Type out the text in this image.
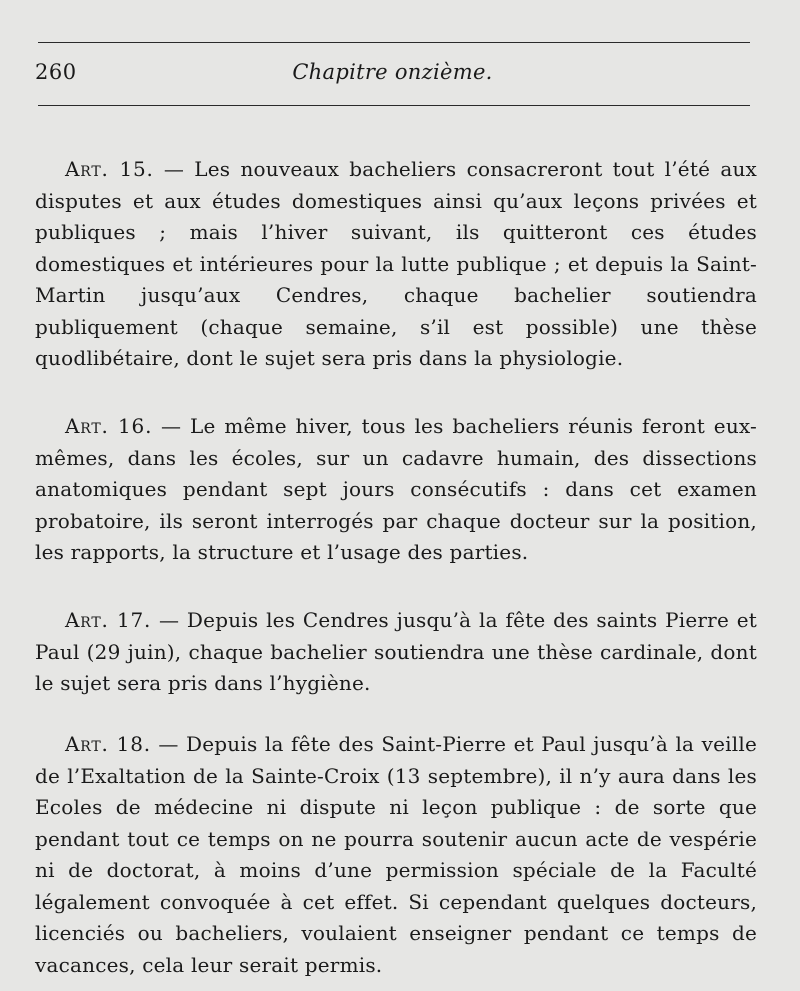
260	Chapitre onzième.

Art. 15. — Les nouveaux bacheliers consacreront tout l’été aux disputes et aux études domestiques ainsi qu’aux leçons privées et publiques ; mais l’hiver suivant, ils quitteront ces études domestiques et intérieures pour la lutte publique ; et depuis la Saint-Martin jusqu’aux Cendres, chaque bachelier soutiendra publiquement (chaque semaine, s’il est possible) une thèse quodlibétaire, dont le sujet sera pris dans la physiologie.

Art. 16. — Le même hiver, tous les bacheliers réunis feront eux-mêmes, dans les écoles, sur un cadavre humain, des dissections anatomiques pendant sept jours consécutifs : dans cet examen probatoire, ils seront interrogés par chaque docteur sur la position, les rapports, la structure et l’usage des parties.

Art. 17. — Depuis les Cendres jusqu’à la fête des saints Pierre et Paul (29 juin), chaque bachelier soutiendra une thèse cardinale, dont le sujet sera pris dans l’hygiène.

Art. 18. — Depuis la fête des Saint-Pierre et Paul jusqu’à la veille de l’Exaltation de la Sainte-Croix (13 septembre), il n’y aura dans les Ecoles de médecine ni dispute ni leçon publique : de sorte que pendant tout ce temps on ne pourra soutenir aucun acte de vespérie ni de doctorat, à moins d’une permission spéciale de la Faculté légalement convoquée à cet effet. Si cependant quelques docteurs, licenciés ou bacheliers, voulaient enseigner pendant ce temps de vacances, cela leur serait permis.
